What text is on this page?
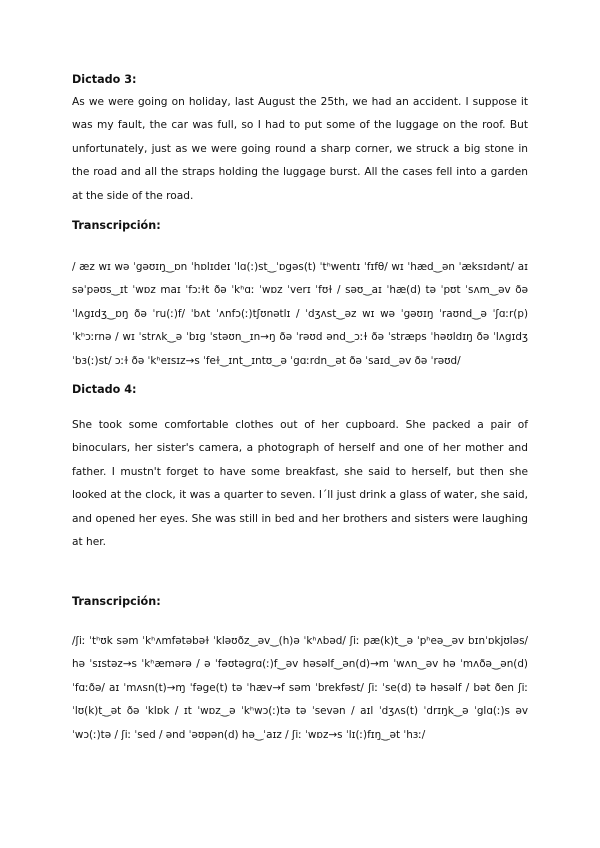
Dictado 3:

As we were going on holiday, last August the 25th, we had an accident. I suppose it was my fault, the car was full, so I had to put some of the luggage on the roof. But unfortunately, just as we were going round a sharp corner, we struck a big stone in the road and all the straps holding the luggage burst. All the cases fell into a garden at the side of the road.

Transcripción:

/ æz wɪ wə ˈgəʊɪŋ‿ɒn ˈhɒlɪdeɪ ˈlɑ(ː)st‿ˈɒgəs(t) ˈtʰwentɪ ˈfɪfθ/ wɪ ˈhæd‿ən ˈæksɪdənt/ aɪ səˈpəʊs‿ɪt ˈwɒz maɪ ˈfɔːɫt ðə ˈkʰɑː ˈwɒz ˈverɪ ˈfʊɫ / səʊ‿aɪ ˈhæ(d) tə ˈpʊt ˈsʌm‿əv ðə ˈlʌgɪdʒ‿ɒŋ ðə ˈru(ː)f/ ˈbʌt ˈʌnfɔ(ː)tʃʊnətlɪ / ˈdʒʌst‿əz wɪ wə ˈgəʊɪŋ ˈraʊnd‿ə ˈʃɑːr(p) ˈkʰɔːrnə / wɪ ˈstrʌk‿ə ˈbɪg ˈstəʊn‿ɪn→ŋ ðə ˈrəʊd ənd‿ɔːɫ ðə ˈstræps ˈhəʊldɪŋ ðə ˈlʌgɪdʒ ˈbɜ(ː)st/ ɔːɫ ðə ˈkʰeɪsɪz→s ˈfeɫ‿ɪnt‿ɪntʊ‿ə ˈgɑːrdn‿ət ðə ˈsaɪd‿əv ðə ˈrəʊd/

Dictado 4:

She took some comfortable clothes out of her cupboard. She packed a pair of binoculars, her sister's camera, a photograph of herself and one of her mother and father. I mustn't forget to have some breakfast, she said to herself, but then she looked at the clock, it was a quarter to seven. I´ll just drink a glass of water, she said, and opened her eyes. She was still in bed and her brothers and sisters were laughing at her.

Transcripción:

/ʃiː ˈtʰʊk səm ˈkʰʌmfətəbəɫ ˈkləʊðz‿əv‿(h)ə ˈkʰʌbəd/ ʃiː pæ(k)t‿ə ˈpʰeə‿əv bɪnˈɒkjʊləs/ hə ˈsɪstəz→s ˈkʰæmərə / ə ˈfəʊtəgrɑ(ː)f‿əv həsəlf‿ən(d)→m ˈwʌn‿əv hə ˈmʌðə‿ən(d) ˈfɑːðə/ aɪ ˈmʌsn(t)→ɱ ˈfəge(t) tə ˈhæv→f səm ˈbrekfəst/ ʃiː ˈse(d) tə həsəlf / bət ðen ʃiː ˈlʊ(k)t‿ət ðə ˈklɒk / ɪt ˈwɒz‿ə ˈkʰwɔ(ː)tə tə ˈsevən / aɪl ˈdʒʌs(t) ˈdrɪŋk‿ə ˈglɑ(ː)s əv ˈwɔ(ː)tə / ʃiː ˈsed / ənd ˈəʊpən(d) hə‿ˈaɪz / ʃiː ˈwɒz→s ˈlɪ(ː)fɪŋ‿ət ˈhɜː/
